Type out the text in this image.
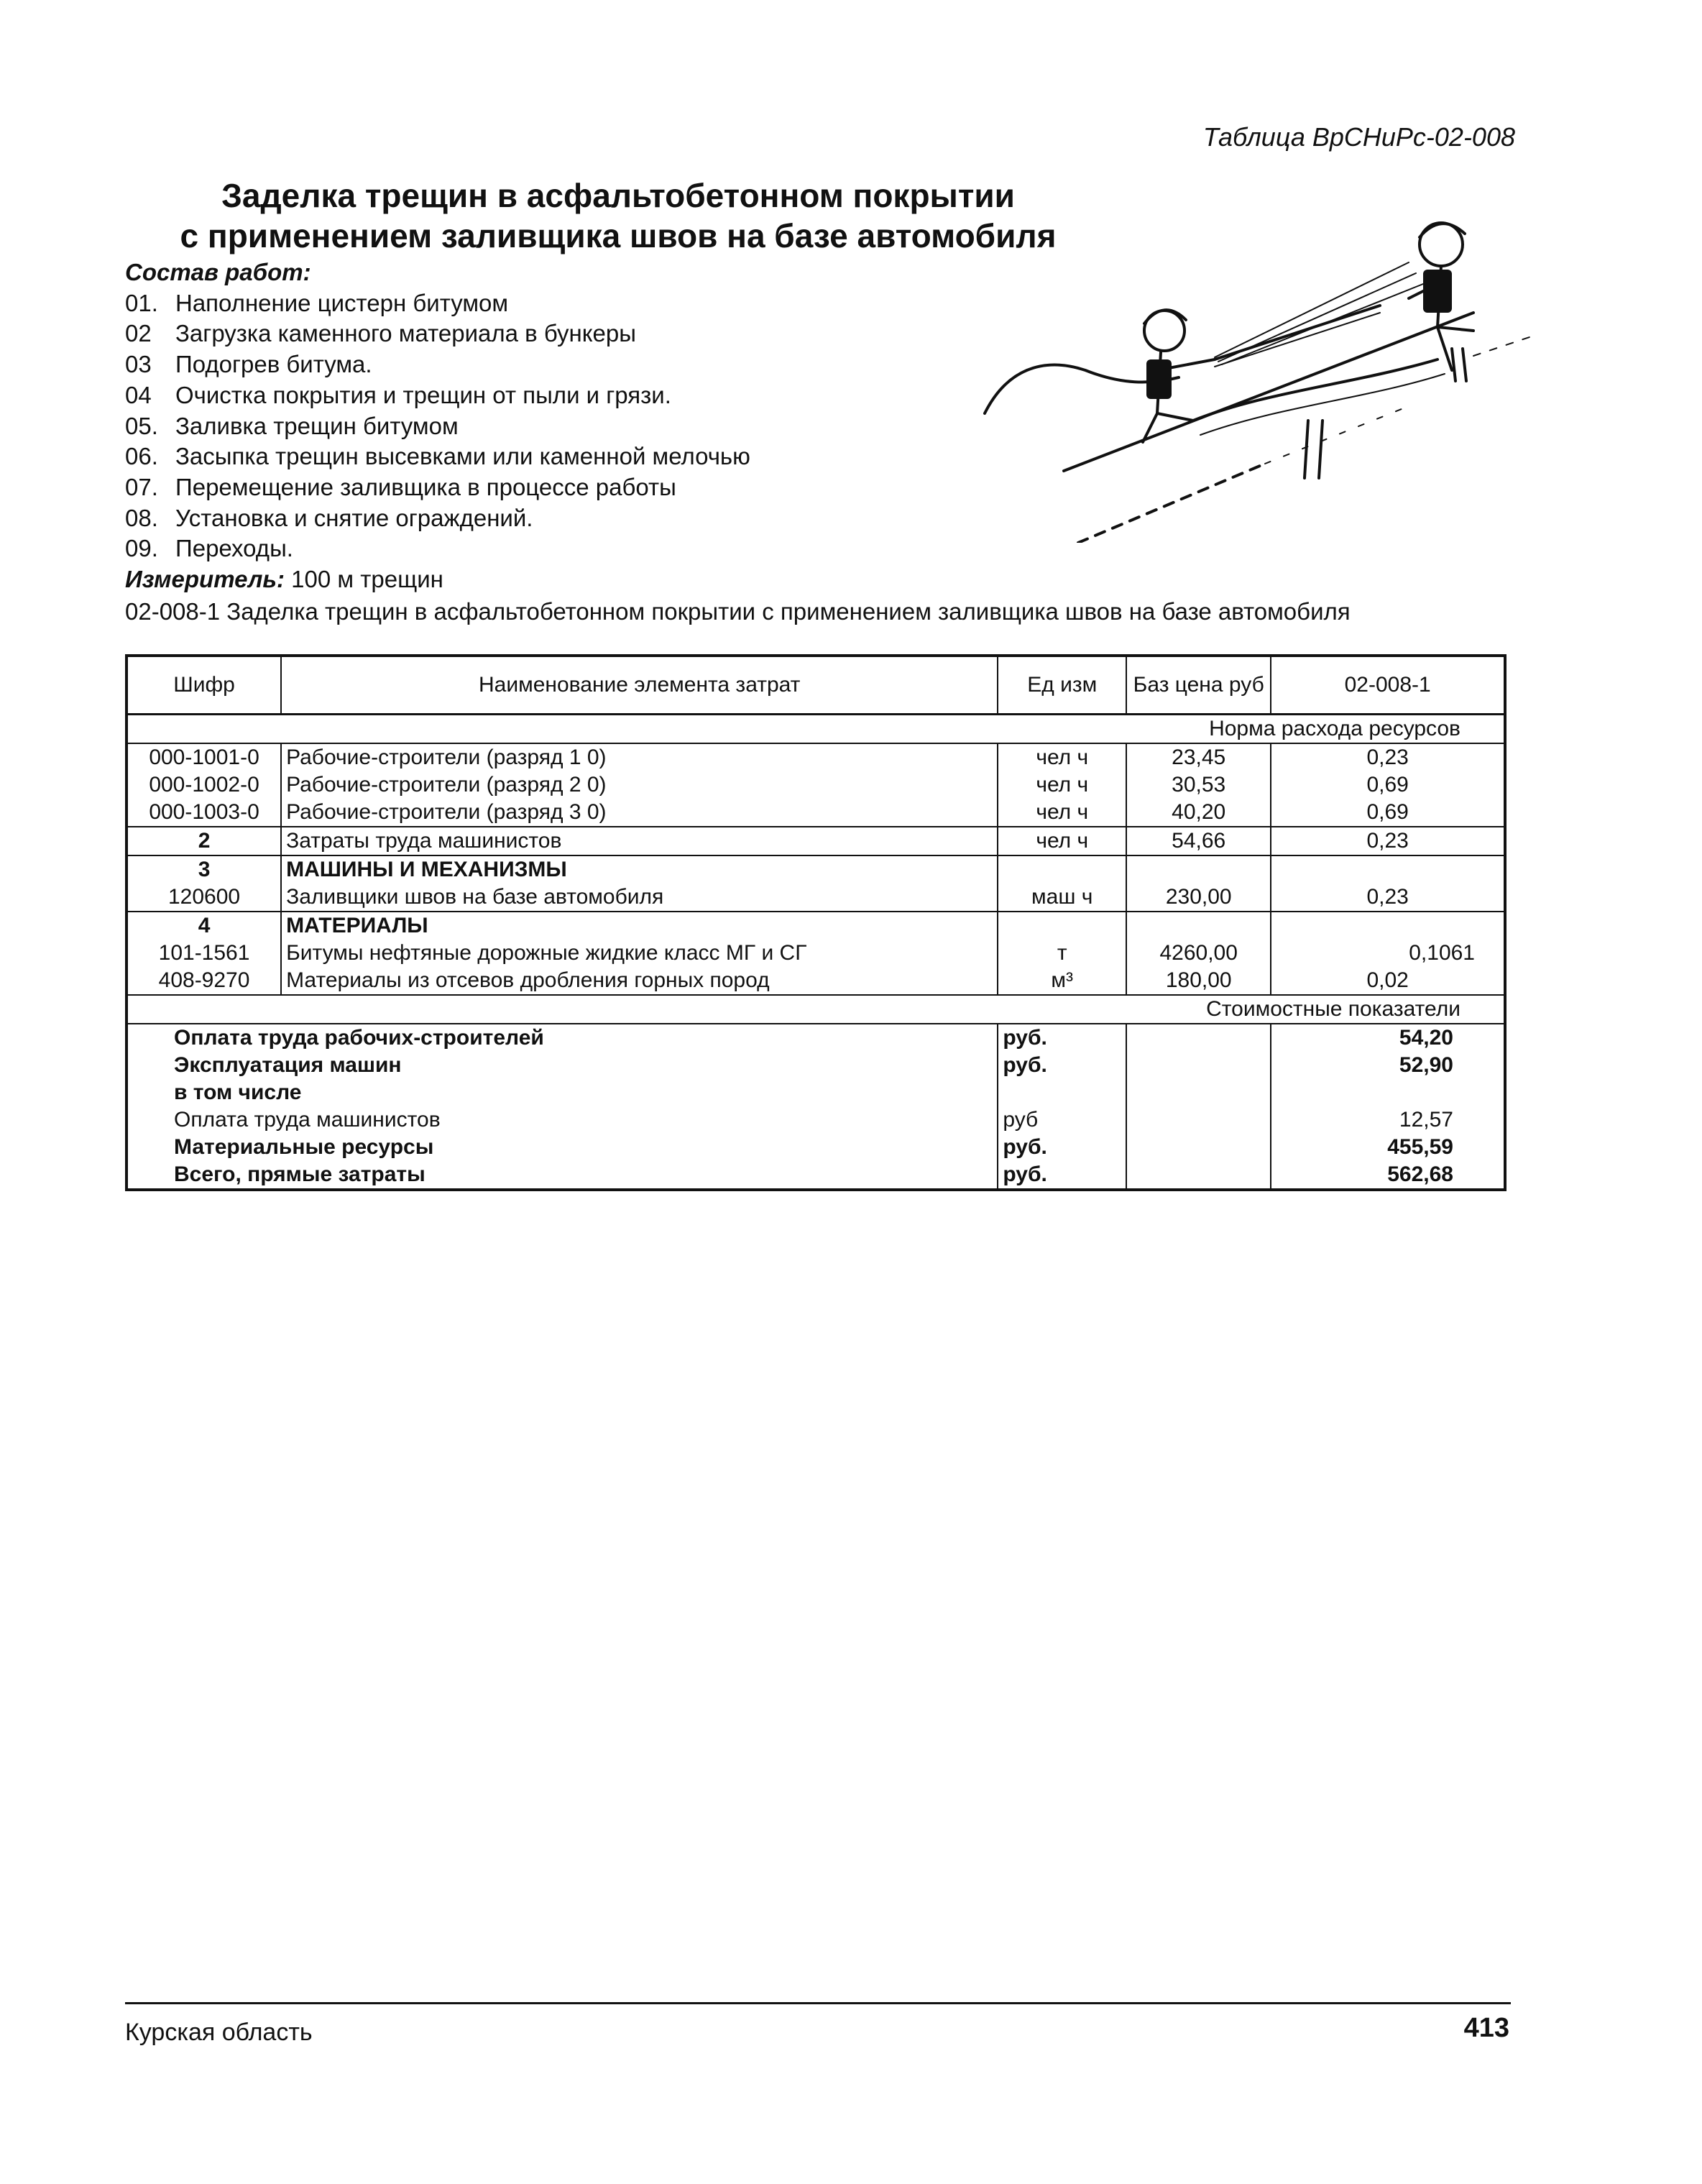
Таблица ВрСНиРс-02-008
Заделка трещин в асфальтобетонном покрытии
с применением заливщика швов на базе автомобиля
Состав работ:
01. Наполнение цистерн битумом
02 Загрузка каменного материала в бункеры
03 Подогрев битума.
04 Очистка покрытия и трещин от пыли и грязи.
05. Заливка трещин битумом
06. Засыпка трещин высевками или каменной мелочью
07. Перемещение заливщика в процессе работы
08. Установка и снятие ограждений.
09. Переходы.
Измеритель: 100 м трещин
02-008-1 Заделка трещин в асфальтобетонном покрытии с применением заливщика швов на базе автомобиля
Шифр	Наименование элемента затрат	Ед изм	Баз цена руб	02-008-1
Норма расхода ресурсов				
000-1001-0	Рабочие-строители (разряд 1 0)	чел ч	23,45	0,23
000-1002-0	Рабочие-строители (разряд 2 0)	чел ч	30,53	0,69
000-1003-0	Рабочие-строители (разряд 3 0)	чел ч	40,20	0,69
2	Затраты труда машинистов	чел ч	54,66	0,23
3	МАШИНЫ И МЕХАНИЗМЫ			
120600	Заливщики швов на базе автомобиля	маш ч	230,00	0,23
4	МАТЕРИАЛЫ			
101-1561	Битумы нефтяные дорожные жидкие класс МГ и СГ	т	4260,00	0,1061
408-9270	Материалы из отсевов дробления горных пород	м³	180,00	0,02
Стоимостные показатели				
Оплата труда рабочих-строителей		руб.		54,20
Эксплуатация машин		руб.		52,90
в том числе				
Оплата труда машинистов		руб		12,57
Материальные ресурсы		руб.		455,59
Всего, прямые затраты		руб.		562,68
Курская область	413
